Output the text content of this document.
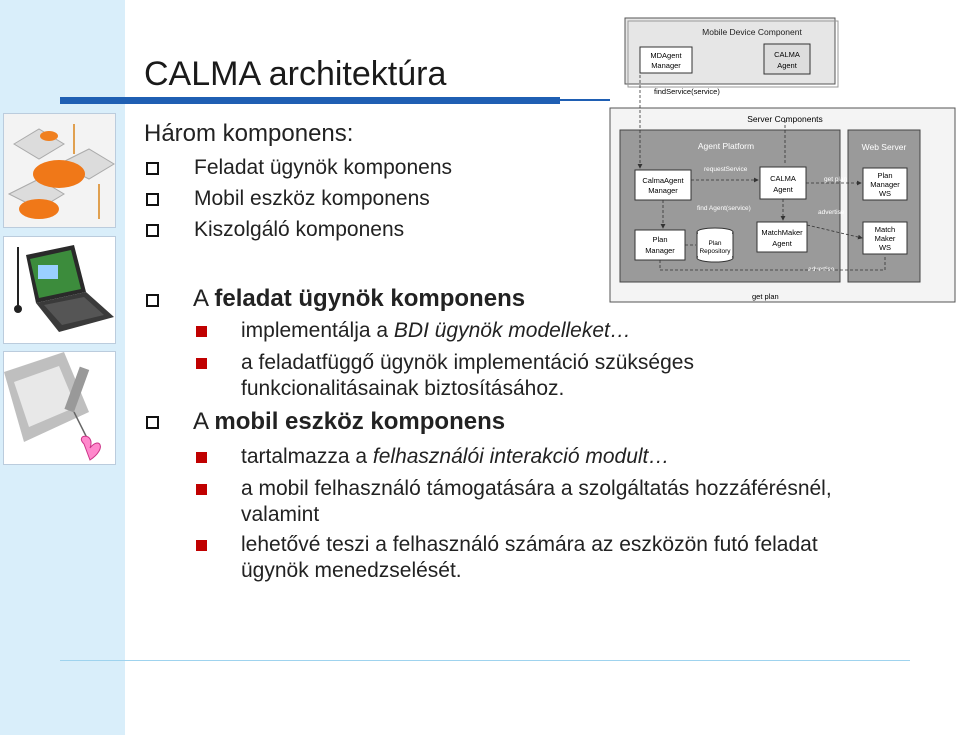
CALMA architektúra
Három komponens:
Feladat ügynök komponens
Mobil eszköz komponens
Kiszolgáló komponens
A feladat ügynök komponens
implementálja a BDI ügynök modelleket…
a feladatfüggő ügynök implementáció szükséges
funkcionalitásainak biztosításához.
A mobil eszköz komponens
tartalmazza a felhasználói interakció modult…
a mobil felhasználó támogatására a szolgáltatás hozzáférésnél,
valamint
lehetővé teszi a felhasználó számára az eszközön futó feladat
ügynök menedzselését.
Mobile Device Component
MDAgent
Manager
CALMA
Agent
findService(service)
Server Components
Agent Platform	Web Server
CalmaAgent
Manager
requestService
CALMA
Agent
get plan	Plan
Manager
WS
find Agent(service)
advertise
Plan
Manager
Plan
Repository
MatchMaker
Agent
Match
Maker
WS
advertise
get plan
